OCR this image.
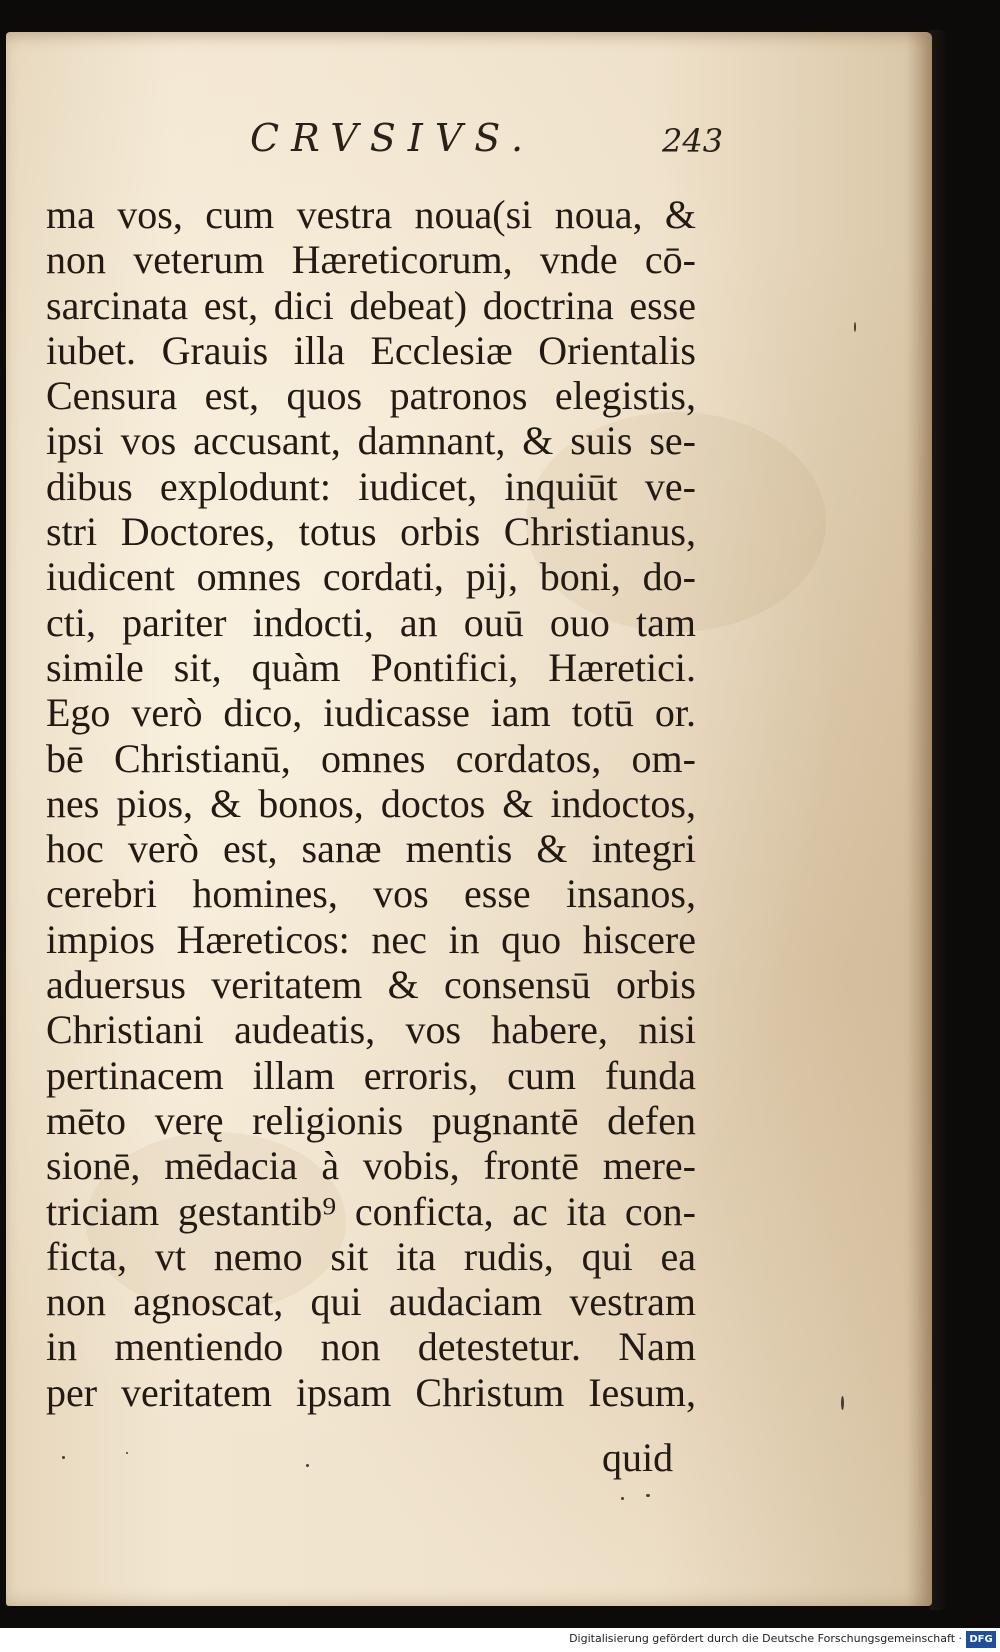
CRVSIVS.	243
ma vos, cum vestra noua(si noua, &
non veterum Hæreticorum, vnde cō-
sarcinata est, dici debeat) doctrina esse
iubet. Grauis illa Ecclesiæ Orientalis
Censura est, quos patronos elegistis,
ipsi vos accusant, damnant, & suis se-
dibus explodunt: iudicet, inquiūt ve-
stri Doctores, totus orbis Christianus,
iudicent omnes cordati, pij, boni, do-
cti, pariter indocti, an ouū ouo tam
simile sit, quàm Pontifici, Hæretici.
Ego verò dico, iudicasse iam totū or.
bē Christianū, omnes cordatos, om-
nes pios, & bonos, doctos & indoctos,
hoc verò est, sanæ mentis & integri
cerebri homines, vos esse insanos,
impios Hæreticos: nec in quo hiscere
aduersus veritatem & consensū orbis
Christiani audeatis, vos habere, nisi
pertinacem illam erroris, cum funda
mēto verę religionis pugnantē defen
sionē, mēdacia à vobis, frontē mere-
triciam gestantib⁹ conficta, ac ita con-
ficta, vt nemo sit ita rudis, qui ea
non agnoscat, qui audaciam vestram
in mentiendo non detestetur. Nam
per veritatem ipsam Christum Iesum,
quid
Digitalisierung gefördert durch die Deutsche Forschungsgemeinschaft · DFG
